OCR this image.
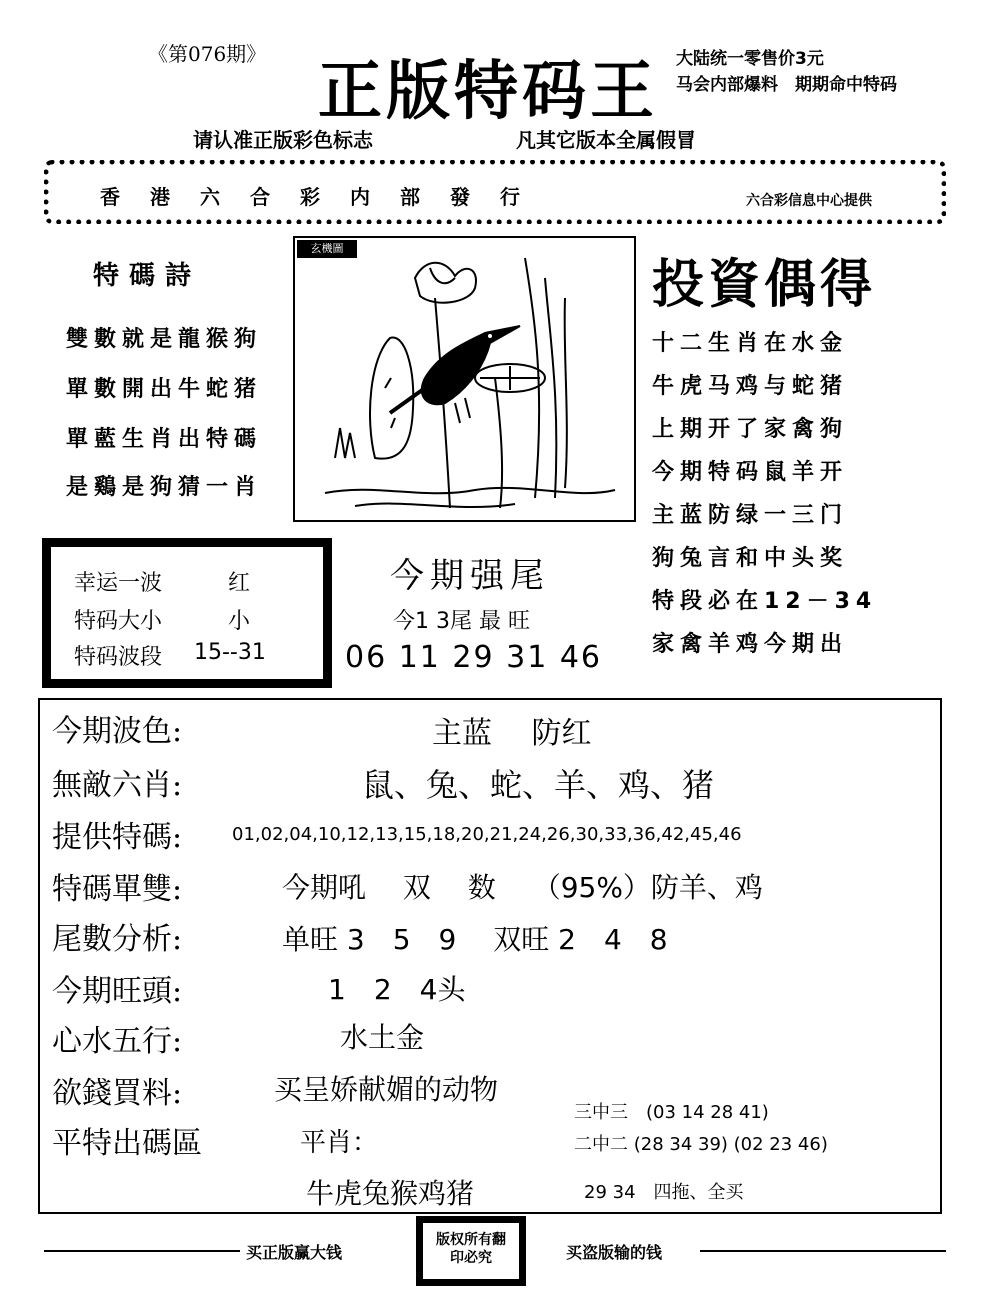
《第076期》 正版特码王 大陆统一零售价3元
马会内部爆料　期期命中特码
请认准正版彩色标志	凡其它版本全属假冒
香港六合彩内部發行	六合彩信息中心提供
特碼詩
雙數就是龍猴狗
單數開出牛蛇猪
單藍生肖出特碼
是鷄是狗猜一肖
玄機圖
投資偶得
十二生肖在水金
牛虎马鸡与蛇猪
上期开了家禽狗
今期特码鼠羊开
主蓝防绿一三门
狗兔言和中头奖
特段必在12－34
家禽羊鸡今期出
幸运一波	红
特码大小	小
特码波段 15--31
今期强尾
今1 3尾 最 旺
06 11 29 31 46
今期波色:	主蓝　 防红
無敵六肖:	鼠、兔、蛇、羊、鸡、猪
提供特碼:	01,02,04,10,12,13,15,18,20,21,24,26,30,33,36,42,45,46
特碼單雙:	今期吼　 双　 数　 （95%）防羊、鸡
尾數分析:	单旺 3　5　9　 双旺 2　4　8
今期旺頭:	1　2　4头
心水五行:	水土金
欲錢買料:	买呈娇献媚的动物
平特出碼區	平肖：
三中三　(03 14 28 41)
二中二 (28 34 39) (02 23 46)
牛虎兔猴鸡猪	29 34　四拖、全买
买正版赢大钱
版权所有翻印必究	买盗版输的钱
